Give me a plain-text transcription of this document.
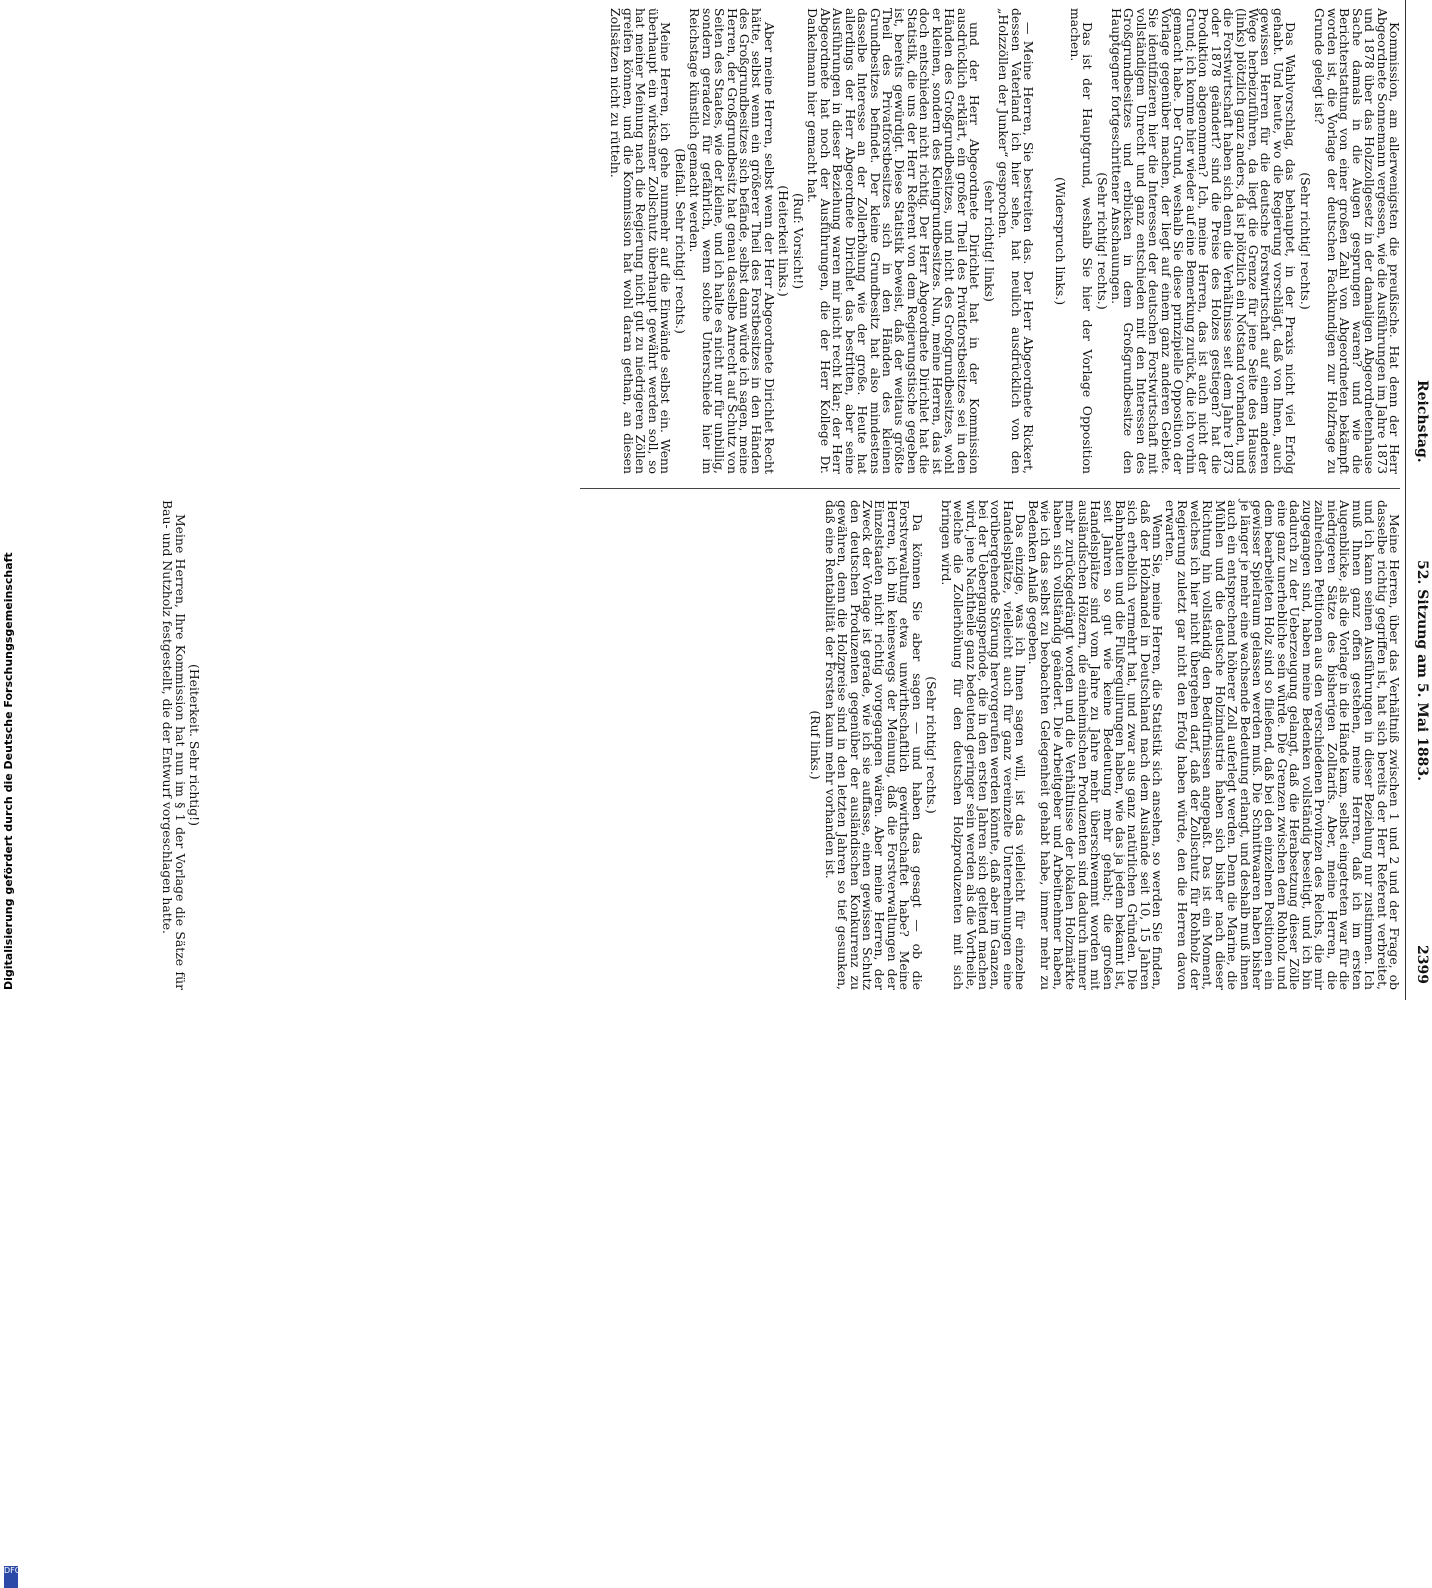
Digitalisierung gefördert durch die Deutsche Forschungsgemeinschaft
DFG
Reichstag.
52. Sitzung am 5. Mai 1883.
2399

Kommission, am allerwenigsten die preußische. Hat denn der Herr Abgeordnete Sonnemann vergessen, wie die Ausführungen im Jahre 1873 und 1878 über das Holzzollgesetz in der damaligen Abgeordnetenhause Sache damals in die Augen gesprungen waren? und wie die Berichterstattung von einer großen Zahl von Abgeordneten bekämpft worden ist, die Vorlage der deutschen Fachkundigen zur Holzfrage zu Grunde gelegt ist?

(Sehr richtig! rechts.)

Das Wahlvorschlag, das behauptet, in der Praxis nicht viel Erfolg gehabt. Und heute, wo die Regierung vorschlägt, daß von Ihnen, auch gewissen Herren für die deutsche Forstwirtschaft auf einem anderen Wege herbeizuführen, da liegt die Grenze für jene Seite des Hauses (links) plötzlich ganz anders, da ist plötzlich ein Notstand vorhanden, und die Forstwirtschaft haben sich denn die Verhältnisse seit dem Jahre 1873 oder 1878 geändert? sind die Preise des Holzes gestiegen? hat die Produktion abgenommen? Ich, meine Herren, das ist auch nicht der Grund; ich komme hier wieder auf eine Bemerkung zurück, die ich vorhin gemacht habe. Der Grund, weshalb Sie diese prinzipielle Opposition der Vorlage gegenüber machen, der liegt auf einem ganz anderen Gebiete. Sie identifizieren hier die Interessen der deutschen Forstwirtschaft mit vollständigem Unrecht und ganz entschieden mit den Interessen des Großgrundbesitzes und erblicken in dem Großgrundbesitze den Hauptgegner fortgeschrittener Anschauungen.

(Sehr richtig! rechts.)

Das ist der Hauptgrund, weshalb Sie hier der Vorlage Opposition machen.

(Widerspruch links.)

— Meine Herren, Sie bestreiten das. Der Herr Abgeordnete Rickert, dessen Vaterland ich hier sehe, hat neulich ausdrücklich von den „Holzzöllen der Junker“ gesprochen.

(sehr richtig! links)

und der Herr Abgeordnete Dirichlet hat in der Kommission ausdrücklich erklärt, ein großer Theil des Privatforstbesitzes sei in den Händen des Großgrundbesitzes, und nicht des Großgrundbesitzes, wohl er kleinen, sondern des Kleingrundbesitzes. Nun, meine Herren, das ist doch entschieden nicht richtig. Der Herr Abgeordnete Dirichlet hat die Statistik, die uns der Herr Referent von dem Regierungstische gegeben ist, bereits gewürdigt. Diese Statistik beweist, daß der weitaus größte Theil des Privatforstbesitzes sich in den Händen des kleinen Grundbesitzes befindet. Der kleine Grundbesitz hat also mindestens dasselbe Interesse an der Zollerhöhung wie der große. Heute hat allerdings der Herr Abgeordnete Dirichlet das bestritten, aber seine Ausführungen in dieser Beziehung waren mir nicht recht klar; der Herr Abgeordnete hat noch der Ausführungen, die der Herr Kollege Dr. Dankelmann hier gemacht hat.

(Ruf: Vorsicht!)

(Heiterkeit links.)

Aber meine Herren, selbst wenn der Herr Abgeordnete Dirichlet Recht hätte, selbst wenn ein größerer Theil des Forstbesitzes in den Händen des Großgrundbesitzes sich befände, selbst dann würde ich sagen, meine Herren, der Großgrundbesitz hat genau dasselbe Anrecht auf Schutz von Seiten des Staates, wie der kleine, und ich halte es nicht nur für unbillig, sondern geradezu für gefährlich, wenn solche Unterschiede hier im Reichstage künstlich gemacht werden.

(Beifall. Sehr richtig! rechts.)

Meine Herren, ich gehe nunmehr auf die Einwände selbst ein. Wenn überhaupt ein wirksamer Zollschutz überhaupt gewährt werden soll, so hat meiner Meinung nach die Regierung nicht gut zu niedrigeren Zöllen greifen können, und die Kommission hat wohl daran gethan, an diesen Zollsätzen nicht zu rütteln.

Meine Herren, über das Verhältniß zwischen 1 und 2 und der Frage, ob dasselbe richtig gegriffen ist, hat sich bereits der Herr Referent verbreitet, und ich kann seinen Ausführungen in dieser Beziehung nur zustimmen. Ich muß Ihnen ganz offen gestehen, meine Herren, daß ich im ersten Augenblicke, als die Vorlage in die Hände kam, selbst eingetreten war für die niedrigeren Sätze des bisherigen Zolltarifs. Aber, meine Herren, die zahlreichen Petitionen aus den verschiedenen Provinzen des Reichs, die mir zugegangen sind, haben meine Bedenken vollständig beseitigt, und ich bin dadurch zu der Ueberzeugung gelangt, daß die Herabsetzung dieser Zölle eine ganz unerhebliche sein würde. Die Grenzen zwischen dem Rohholz und dem bearbeiteten Holz sind so fließend, daß bei den einzelnen Positionen ein gewisser Spielraum gelassen werden muß. Die Schnittwaaren haben bisher je länger je mehr eine wachsende Bedeutung erlangt, und deshalb muß ihnen auch ein entsprechend höherer Zoll auferlegt werden. Denn die Marine, die Mühlen und die deutsche Holzindustrie haben sich bisher nach dieser Richtung hin vollständig den Bedürfnissen angepaßt. Das ist ein Moment, welches ich hier nicht übergehen darf, daß der Zollschutz für Rohholz der Regierung zuletzt gar nicht den Erfolg haben würde, den die Herren davon erwarten.

Wenn Sie, meine Herren, die Statistik sich ansehen, so werden Sie finden, daß der Holzhandel in Deutschland nach dem Auslande seit 10, 15 Jahren sich erheblich vermehrt hat, und zwar aus ganz natürlichen Gründen. Die Bahnbauten und die Flußregulirungen haben, wie das ja jedem bekannt ist, seit Jahren so gut wie keine Bedeutung mehr gehabt; die großen Handelsplätze sind vom Jahre zu Jahre mehr überschwemmt worden mit ausländischen Hölzern, die einheimischen Produzenten sind dadurch immer mehr zurückgedrängt worden und die Verhältnisse der lokalen Holzmärkte haben sich vollständig geändert. Die Arbeitgeber und Arbeitnehmer haben, wie ich das selbst zu beobachten Gelegenheit gehabt habe, immer mehr zu Bedenken Anlaß gegeben.

Das einzige, was ich Ihnen sagen will, ist das vielleicht für einzelne Handelsplätze, vielleicht auch für ganz vereinzelte Unternehmungen eine vorübergehende Störung hervorgerufen werden könnte, daß aber im Ganzen, bei der Uebergangsperiode, die in den ersten Jahren sich geltend machen wird, jene Nachtheile ganz bedeutend geringer sein werden als die Vortheile, welche die Zollerhöhung für den deutschen Holzproduzenten mit sich bringen wird.

(Sehr richtig! rechts.)

Da können Sie aber sagen — und haben das gesagt — ob die Forstverwaltung etwa unwirthschaftlich gewirthschaftet habe? Meine Herren, ich bin keineswegs der Meinung, daß die Forstverwaltungen der Einzelstaaten nicht richtig vorgegangen wären. Aber meine Herren, der Zweck der Vorlage ist gerade, wie ich sie auffasse, einen gewissen Schutz den deutschen Produzenten gegenüber der ausländischen Konkurrenz zu gewähren, denn die Holzpreise sind in den letzten Jahren so tief gesunken, daß eine Rentabilität der Forsten kaum mehr vorhanden ist.

(Ruf links.)

(Heiterkeit. Sehr richtig!)

Meine Herren, Ihre Kommission hat nun im § 1 der Vorlage die Sätze für Bau- und Nutzholz festgestellt, die der Entwurf vorgeschlagen hatte.
